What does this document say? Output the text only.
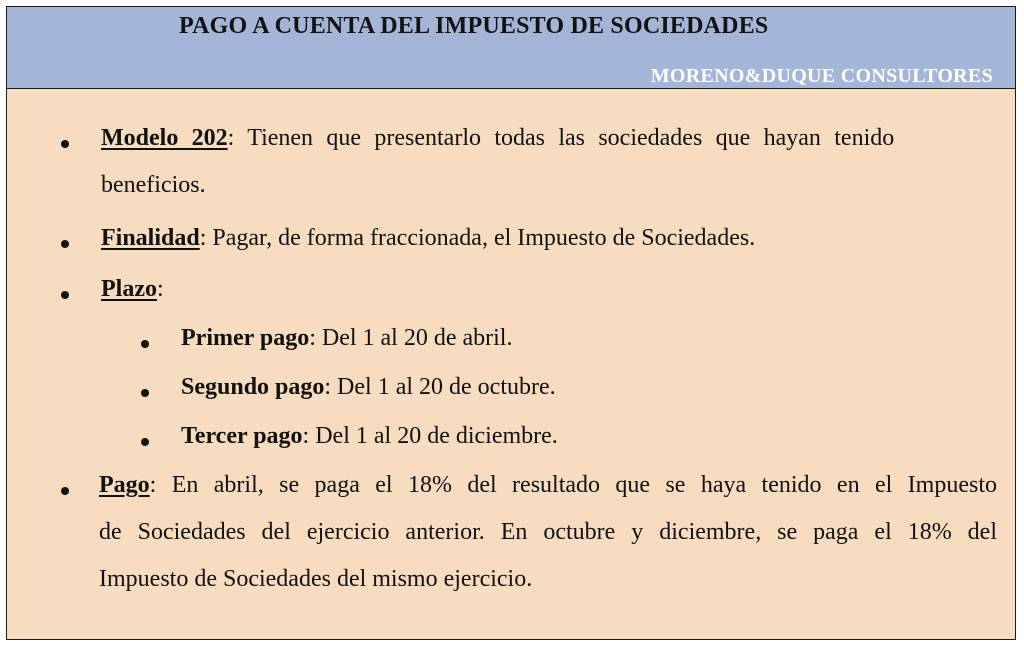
PAGO A CUENTA DEL IMPUESTO DE SOCIEDADES
MORENO&DUQUE CONSULTORES
Modelo 202: Tienen que presentarlo todas las sociedades que hayan tenido
beneficios.
Finalidad: Pagar, de forma fraccionada, el Impuesto de Sociedades.
Plazo:
Primer pago: Del 1 al 20 de abril.
Segundo pago: Del 1 al 20 de octubre.
Tercer pago: Del 1 al 20 de diciembre.
Pago: En abril, se paga el 18% del resultado que se haya tenido en el Impuesto
de Sociedades del ejercicio anterior. En octubre y diciembre, se paga el 18% del
Impuesto de Sociedades del mismo ejercicio.
